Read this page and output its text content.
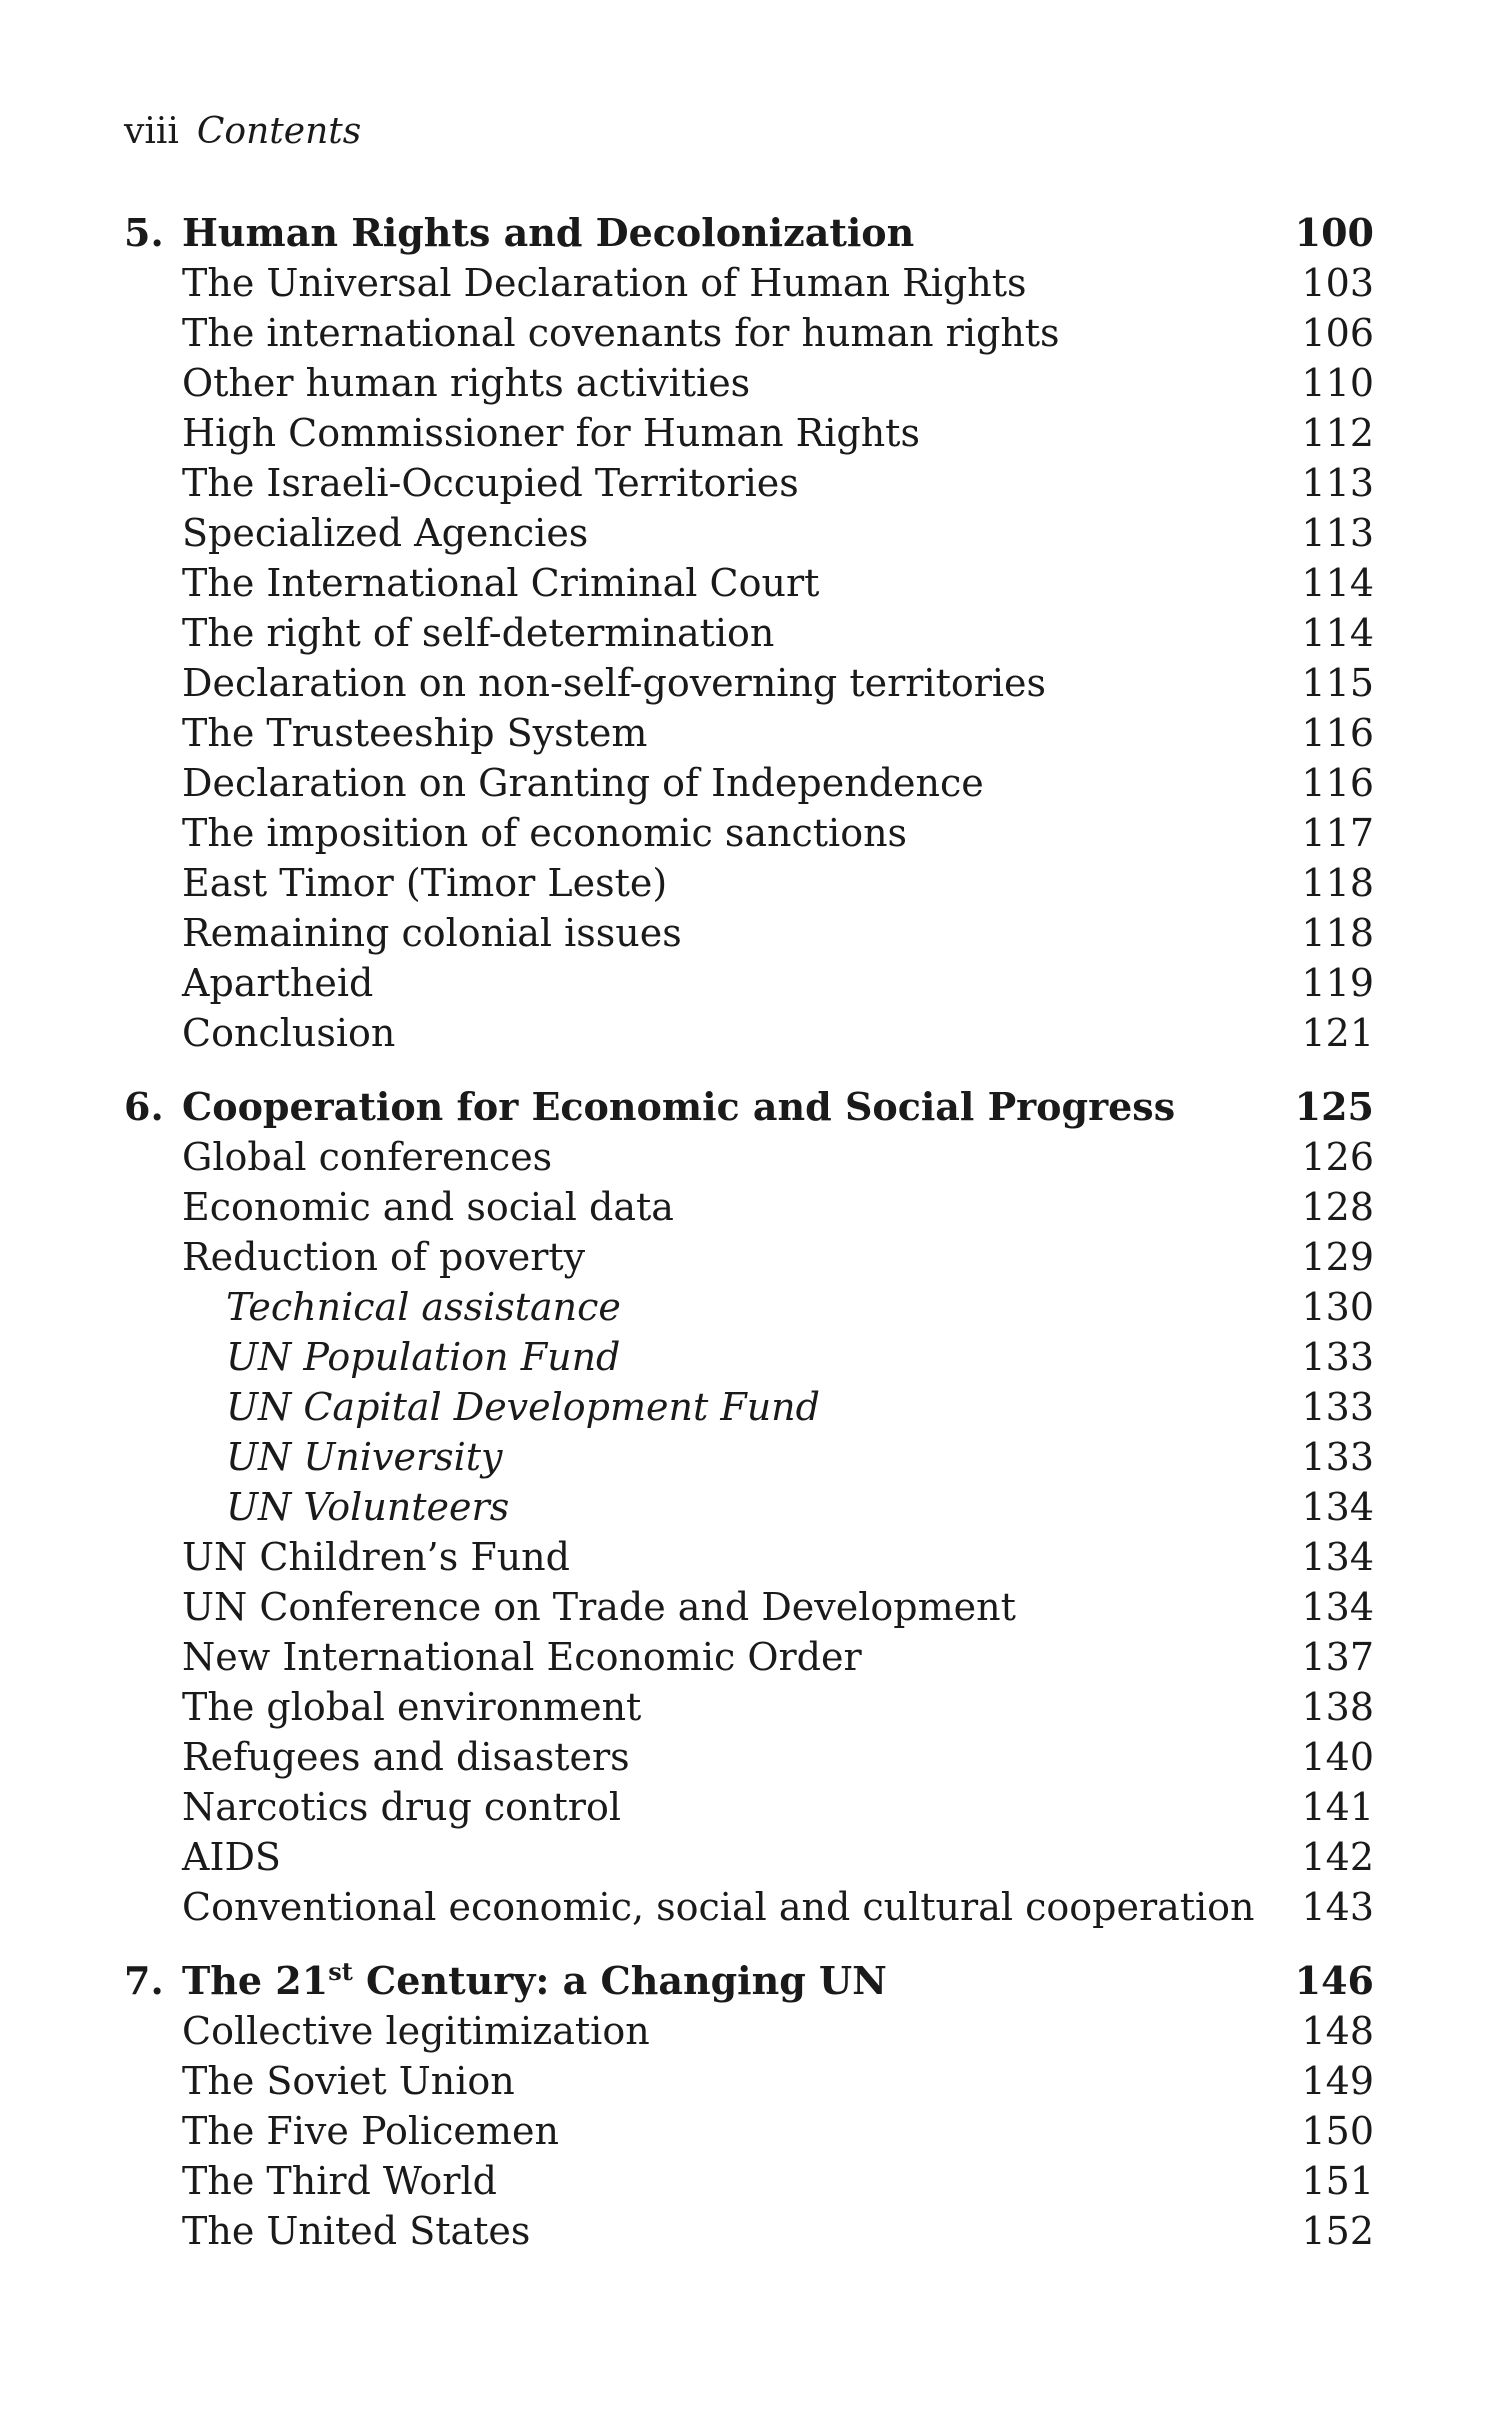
viii Contents
5. Human Rights and Decolonization	100
The Universal Declaration of Human Rights	103
The international covenants for human rights	106
Other human rights activities	110
High Commissioner for Human Rights	112
The Israeli-Occupied Territories	113
Specialized Agencies	113
The International Criminal Court	114
The right of self-determination	114
Declaration on non-self-governing territories	115
The Trusteeship System	116
Declaration on Granting of Independence	116
The imposition of economic sanctions	117
East Timor (Timor Leste)	118
Remaining colonial issues	118
Apartheid	119
Conclusion	121
6. Cooperation for Economic and Social Progress	125
Global conferences	126
Economic and social data	128
Reduction of poverty	129
Technical assistance	130
UN Population Fund	133
UN Capital Development Fund	133
UN University	133
UN Volunteers	134
UN Children’s Fund	134
UN Conference on Trade and Development	134
New International Economic Order	137
The global environment	138
Refugees and disasters	140
Narcotics drug control	141
AIDS	142
Conventional economic, social and cultural cooperation 143
7. The 21st Century: a Changing UN	146
Collective legitimization	148
The Soviet Union	149
The Five Policemen	150
The Third World	151
The United States	152
